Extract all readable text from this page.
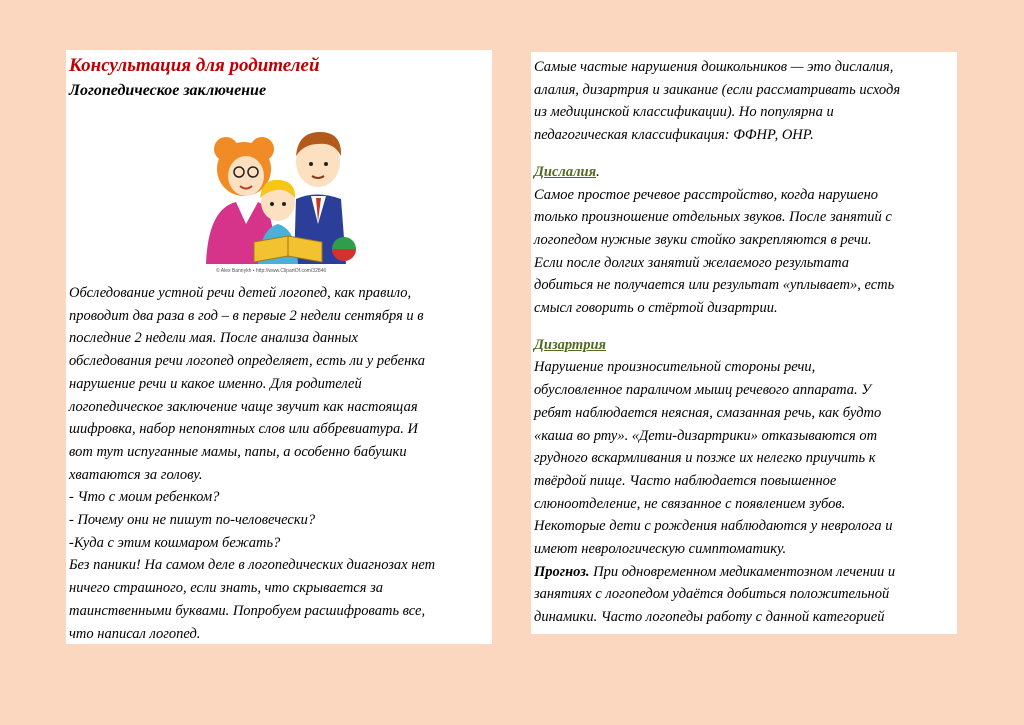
Консультация для родителей

Логопедическое заключение

© Alex Bannykh • http://www.ClipartOf.com/32846

Обследование устной речи детей логопед, как правило,

проводит два раза в год – в первые 2 недели сентября и в

последние 2 недели мая. После анализа данных

обследования речи логопед определяет, есть ли у ребенка

нарушение речи и какое именно. Для родителей

логопедическое заключение чаще звучит как настоящая

шифровка, набор непонятных слов или аббревиатура. И

вот тут испуганные мамы, папы, а особенно бабушки

хватаются за голову.

- Что с моим ребенком?

- Почему они не пишут по-человечески?

-Куда с этим кошмаром бежать?

Без паники! На самом деле в логопедических диагнозах нет

ничего страшного, если знать, что скрывается за

таинственными буквами. Попробуем расшифровать все,

что написал логопед.

Самые частые нарушения дошкольников — это дислалия,

алалия, дизартрия и заикание (если рассматривать исходя

из медицинской классификации). Но популярна и

педагогическая классификация: ФФНР, ОНР.

Дислалия.

Самое простое речевое расстройство, когда нарушено

только произношение отдельных звуков. После занятий с

логопедом нужные звуки стойко закрепляются в речи.

Если после долгих занятий желаемого результата

добиться не получается или результат «уплывает», есть

смысл говорить о стёртой дизартрии.

Дизартрия

Нарушение произносительной стороны речи,

обусловленное параличом мышц речевого аппарата. У

ребят наблюдается неясная, смазанная речь, как будто

«каша во рту». «Дети-дизартрики» отказываются от

грудного вскармливания и позже их нелегко приучить к

твёрдой пище. Часто наблюдается повышенное

слюноотделение, не связанное с появлением зубов.

Некоторые дети с рождения наблюдаются у невролога и

имеют неврологическую симптоматику.

Прогноз. При одновременном медикаментозном лечении и

занятиях с логопедом удаётся добиться положительной

динамики. Часто логопеды работу с данной категорией
